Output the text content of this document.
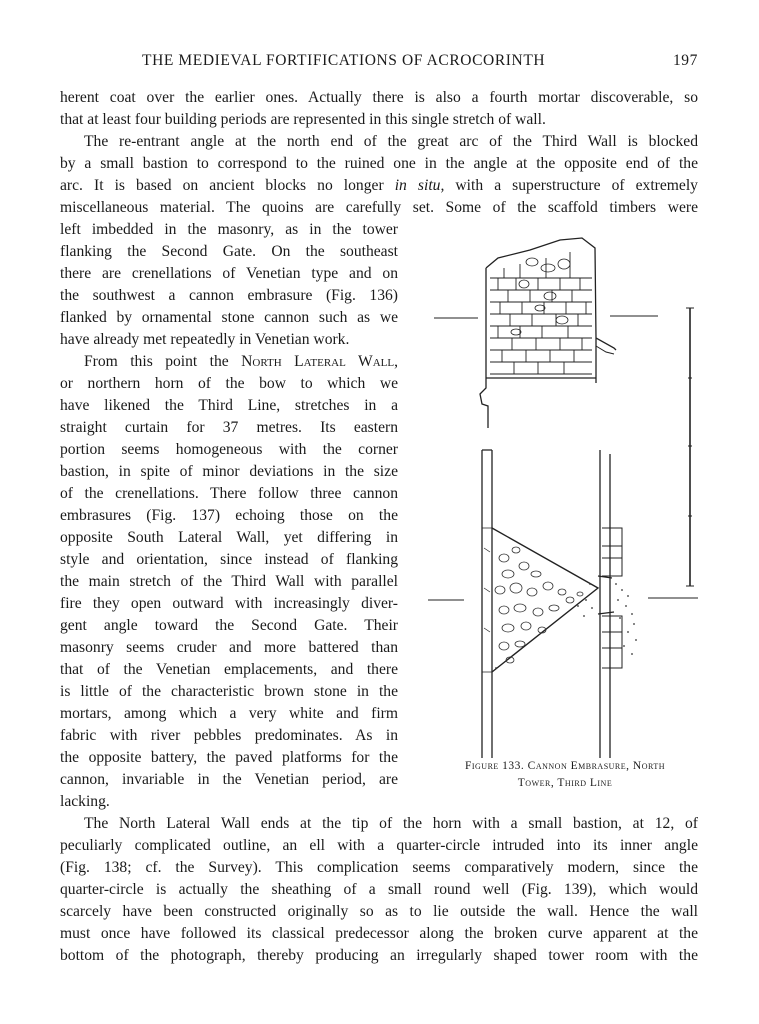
THE MEDIEVAL FORTIFICATIONS OF ACROCORINTH	197
herent coat over the earlier ones. Actually there is also a fourth mortar discoverable, so
that at least four building periods are represented in this single stretch of wall.
The re-entrant angle at the north end of the great arc of the Third Wall is blocked
by a small bastion to correspond to the ruined one in the angle at the opposite end of the
arc. It is based on ancient blocks no longer in situ, with a superstructure of extremely
miscellaneous material. The quoins are carefully set. Some of the scaffold timbers were
left imbedded in the masonry, as in the tower
flanking the Second Gate. On the southeast
there are crenellations of Venetian type and on
the southwest a cannon embrasure (Fig. 136)
flanked by ornamental stone cannon such as we
have already met repeatedly in Venetian work.
From this point the North Lateral Wall,
or northern horn of the bow to which we
have likened the Third Line, stretches in a
straight curtain for 37 metres. Its eastern
portion seems homogeneous with the corner
bastion, in spite of minor deviations in the size
of the crenellations. There follow three cannon
embrasures (Fig. 137) echoing those on the
opposite South Lateral Wall, yet differing in
style and orientation, since instead of flanking
the main stretch of the Third Wall with parallel
fire they open outward with increasingly diver-
gent angle toward the Second Gate. Their
masonry seems cruder and more battered than
that of the Venetian emplacements, and there
is little of the characteristic brown stone in the
mortars, among which a very white and firm
fabric with river pebbles predominates. As in
the opposite battery, the paved platforms for the
cannon, invariable in the Venetian period, are
lacking.
The North Lateral Wall ends at the tip of the horn with a small bastion, at 12, of
peculiarly complicated outline, an ell with a quarter-circle intruded into its inner angle
(Fig. 138; cf. the Survey). This complication seems comparatively modern, since the
quarter-circle is actually the sheathing of a small round well (Fig. 139), which would
scarcely have been constructed originally so as to lie outside the wall. Hence the wall
must once have followed its classical predecessor along the broken curve apparent at the
bottom of the photograph, thereby producing an irregularly shaped tower room with the
Figure 133. Cannon Embrasure, North
Tower, Third Line
